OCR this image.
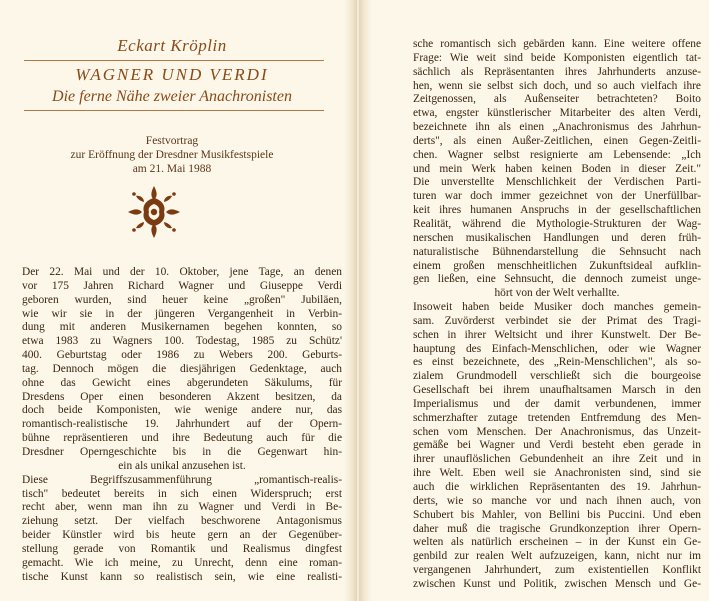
Eckart Kröplin
WAGNER UND VERDI
Die ferne Nähe zweier Anachronisten
Festvortrag
zur Eröffnung der Dresdner Musikfestspiele
am 21. Mai 1988
Der 22. Mai und der 10. Oktober, jene Tage, an denen
vor 175 Jahren Richard Wagner und Giuseppe Verdi
geboren wurden, sind heuer keine „großen" Jubiläen,
wie wir sie in der jüngeren Vergangenheit in Verbin-
dung mit anderen Musikernamen begehen konnten, so
etwa 1983 zu Wagners 100. Todestag, 1985 zu Schütz'
400. Geburtstag oder 1986 zu Webers 200. Geburts-
tag. Dennoch mögen die diesjährigen Gedenktage, auch
ohne das Gewicht eines abgerundeten Säkulums, für
Dresdens Oper einen besonderen Akzent besitzen, da
doch beide Komponisten, wie wenige andere nur, das
romantisch-realistische 19. Jahrhundert auf der Opern-
bühne repräsentieren und ihre Bedeutung auch für die
Dresdner Operngeschichte bis in die Gegenwart hin-
ein als unikal anzusehen ist.
Diese Begriffszusammenführung „romantisch-realis-
tisch" bedeutet bereits in sich einen Widerspruch; erst
recht aber, wenn man ihn zu Wagner und Verdi in Be-
ziehung setzt. Der vielfach beschworene Antagonismus
beider Künstler wird bis heute gern an der Gegenüber-
stellung gerade von Romantik und Realismus dingfest
gemacht. Wie ich meine, zu Unrecht, denn eine roman-
tische Kunst kann so realistisch sein, wie eine realisti-
sche romantisch sich gebärden kann. Eine weitere offene
Frage: Wie weit sind beide Komponisten eigentlich tat-
sächlich als Repräsentanten ihres Jahrhunderts anzuse-
hen, wenn sie selbst sich doch, und so auch vielfach ihre
Zeitgenossen, als Außenseiter betrachteten? Boito
etwa, engster künstlerischer Mitarbeiter des alten Verdi,
bezeichnete ihn als einen „Anachronismus des Jahrhun-
derts", als einen Außer-Zeitlichen, einen Gegen-Zeitli-
chen. Wagner selbst resignierte am Lebensende: „Ich
und mein Werk haben keinen Boden in dieser Zeit."
Die unverstellte Menschlichkeit der Verdischen Parti-
turen war doch immer gezeichnet von der Unerfüllbar-
keit ihres humanen Anspruchs in der gesellschaftlichen
Realität, während die Mythologie-Strukturen der Wag-
nerschen musikalischen Handlungen und deren früh-
naturalistische Bühnendarstellung die Sehnsucht nach
einem großen menschheitlichen Zukunftsideal aufklin-
gen ließen, eine Sehnsucht, die dennoch zumeist unge-
hört von der Welt verhallte.
Insoweit haben beide Musiker doch manches gemein-
sam. Zuvörderst verbindet sie der Primat des Tragi-
schen in ihrer Weltsicht und ihrer Kunstwelt. Der Be-
hauptung des Einfach-Menschlichen, oder wie Wagner
es einst bezeichnete, des „Rein-Menschlichen", als so-
zialem Grundmodell verschließt sich die bourgeoise
Gesellschaft bei ihrem unaufhaltsamen Marsch in den
Imperialismus und der damit verbundenen, immer
schmerzhafter zutage tretenden Entfremdung des Men-
schen vom Menschen. Der Anachronismus, das Unzeit-
gemäße bei Wagner und Verdi besteht eben gerade in
ihrer unauflöslichen Gebundenheit an ihre Zeit und in
ihre Welt. Eben weil sie Anachronisten sind, sind sie
auch die wirklichen Repräsentanten des 19. Jahrhun-
derts, wie so manche vor und nach ihnen auch, von
Schubert bis Mahler, von Bellini bis Puccini. Und eben
daher muß die tragische Grundkonzeption ihrer Opern-
welten als natürlich erscheinen – in der Kunst ein Ge-
genbild zur realen Welt aufzuzeigen, kann, nicht nur im
vergangenen Jahrhundert, zum existentiellen Konflikt
zwischen Kunst und Politik, zwischen Mensch und Ge-
